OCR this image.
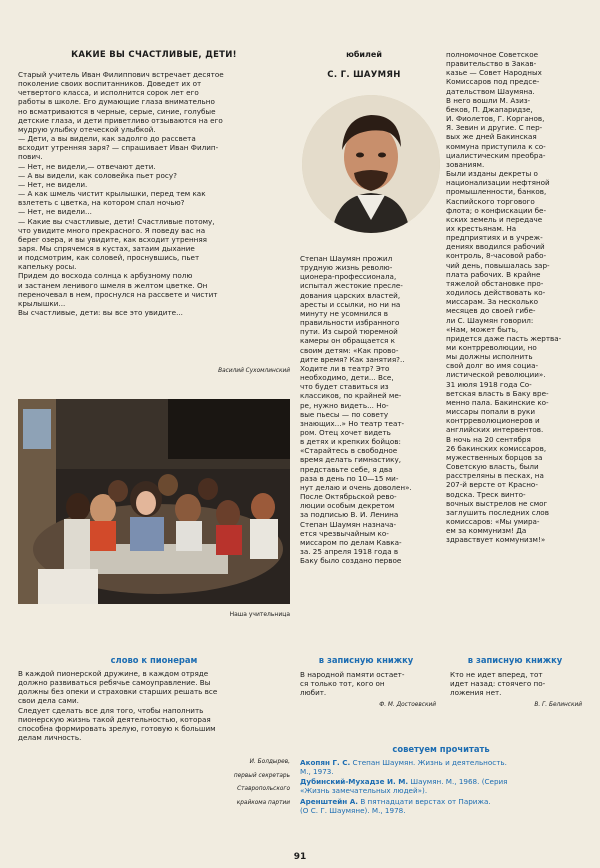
КАКИЕ ВЫ СЧАСТЛИВЫЕ, ДЕТИ!

Старый учитель Иван Филиппович встречает десятое

поколение своих воспитанников. Доведет их от

четвертого класса, и исполнится сорок лет его

работы в школе. Его думающие глаза внимательно

но всматриваются в черные, серые, синие, голубые

детские глаза, и дети приветливо отзываются на его

мудрую улыбку отеческой улыбкой.

— Дети, а вы видели, как задолго до рассвета

всходит утренняя заря? — спрашивает Иван Филип-

пович.

— Нет, не видели,— отвечают дети.

— А вы видели, как соловейка пьет росу?

— Нет, не видели.

— А как шмель чистит крылышки, перед тем как

взлететь с цветка, на котором спал ночью?

— Нет, не видели...

— Какие вы счастливые, дети! Счастливые потому,

что увидите много прекрасного. Я поведу вас на

берег озера, и вы увидите, как всходит утренняя

заря. Мы спрячемся в кустах, затаим дыхание

и подсмотрим, как соловей, проснувшись, пьет

капельку росы.

Придем до восхода солнца к арбузному полю

и застанем ленивого шмеля в желтом цветке. Он

переночевал в нем, проснулся на рассвете и чистит

крылышки...

Вы счастливые, дети: вы все это увидите...

Василий Сухомлинский
Наша учительница
слово к пионерам

В каждой пионерской дружине, в каждом отряде

должно развиваться ребячье самоуправление. Вы

должны без опеки и страховки старших решать все

свои дела сами.

Следует сделать все для того, чтобы наполнить

пионерскую жизнь такой деятельностью, которая

способна формировать зрелую, готовую к большим

делам личность.

И. Болдырев,

первый секретарь

Ставропольского

крайкома партии

юбилей
С. Г. ШАУМЯН

Степан Шаумян прожил

трудную жизнь револю-

ционера-профессионала,

испытал жестокие пресле-

дования царских властей,

аресты и ссылки, но ни на

минуту не усомнился в

правильности избранного

пути. Из сырой тюремной

камеры он обращается к

своим детям: «Как прово-

дите время? Как занятия?..

Ходите ли в театр? Это

необходимо, дети... Все,

что будет ставиться из

классиков, по крайней ме-

ре, нужно видеть... Но-

вые пьесы — по совету

знающих...» Но театр теат-

ром. Отец хочет видеть

в детях и крепких бойцов:

«Старайтесь в свободное

время делать гимнастику,

представьте себе, я два

раза в день по 10—15 ми-

нут делаю и очень доволен».

После Октябрьской рево-

люции особым декретом

за подписью В. И. Ленина

Степан Шаумян назнача-

ется чрезвычайным ко-

миссаром по делам Кавка-

за. 25 апреля 1918 года в

Баку было создано первое

полномочное Советское

правительство в Закав-

казье — Совет Народных

Комиссаров под предсе-

дательством Шаумяна.

В него вошли М. Азиз-

беков, П. Джапаридзе,

И. Фиолетов, Г. Корганов,

Я. Зевин и другие. С пер-

вых же дней Бакинская

коммуна приступила к со-

циалистическим преобра-

зованиям.

Были изданы декреты о

национализации нефтяной

промышленности, банков,

Каспийского торгового

флота; о конфискации бе-

кских земель и передаче

их крестьянам. На

предприятиях и в учреж-

дениях вводился рабочий

контроль, 8-часовой рабо-

чий день, повышалась зар-

плата рабочих. В крайне

тяжелой обстановке про-

ходилось действовать ко-

миссарам. За несколько

месяцев до своей гибе-

ли С. Шаумян говорил:

«Нам, может быть,

придется даже пасть жертва-

ми контрреволюции, но

мы должны исполнить

свой долг во имя социа-

листической революции».

31 июля 1918 года Со-

ветская власть в Баку вре-

менно пала. Бакинские ко-

миссары попали в руки

контрреволюционеров и

английских интервентов.

В ночь на 20 сентября

26 бакинских комиссаров,

мужественных борцов за

Советскую власть, были

расстреляны в песках, на

207-й версте от Красно-

водска. Треск винто-

вочных выстрелов не смог

заглушить последних слов

комиссаров: «Мы умира-

ем за коммунизм! Да

здравствует коммунизм!»

в записную книжку

В народной памяти остает-

ся только тот, кого он

любит.

Ф. М. Достоевский
в записную книжку

Кто не идет вперед, тот

идет назад: стоячего по-

ложения нет.

В. Г. Белинский
советуем прочитать

Акопян Г. С. Степан Шаумян. Жизнь и деятельность.
М., 1973.

Дубинский-Мухадзе И. М. Шаумян. М., 1968. (Серия
«Жизнь замечательных людей»).

Аренштейн А. В пятнадцати верстах от Парижа.
(О С. Г. Шаумяне). М., 1978.

91
